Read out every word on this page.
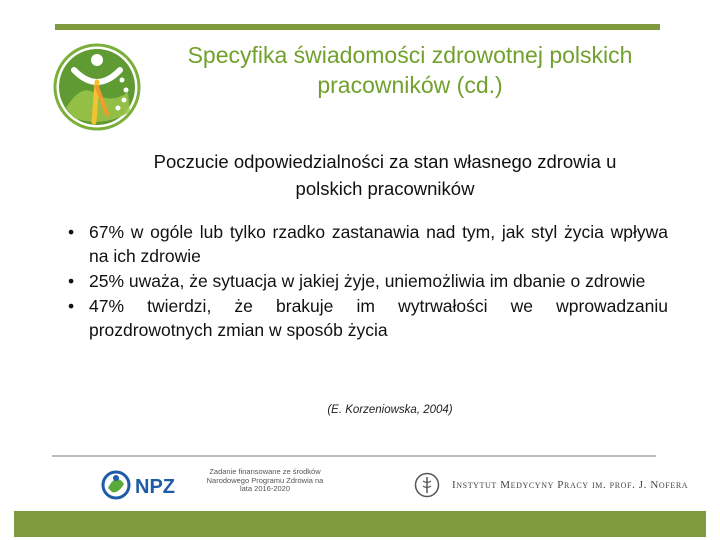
Specyfika świadomości zdrowotnej polskich pracowników (cd.)
Poczucie odpowiedzialności za stan własnego zdrowia u polskich pracowników
• 67% w ogóle lub tylko rzadko zastanawia nad tym, jak styl życia wpływa na ich zdrowie
• 25% uważa, że sytuacja w jakiej żyje, uniemożliwia im dbanie o zdrowie
• 47% twierdzi, że brakuje im wytrwałości we wprowadzaniu prozdrowotnych zmian w sposób życia
(E. Korzeniowska, 2004)
NPZ
Zadanie finansowane ze środków Narodowego Programu Zdrowia na lata 2016-2020	Instytut Medycyny Pracy im. prof. J. Nofera
